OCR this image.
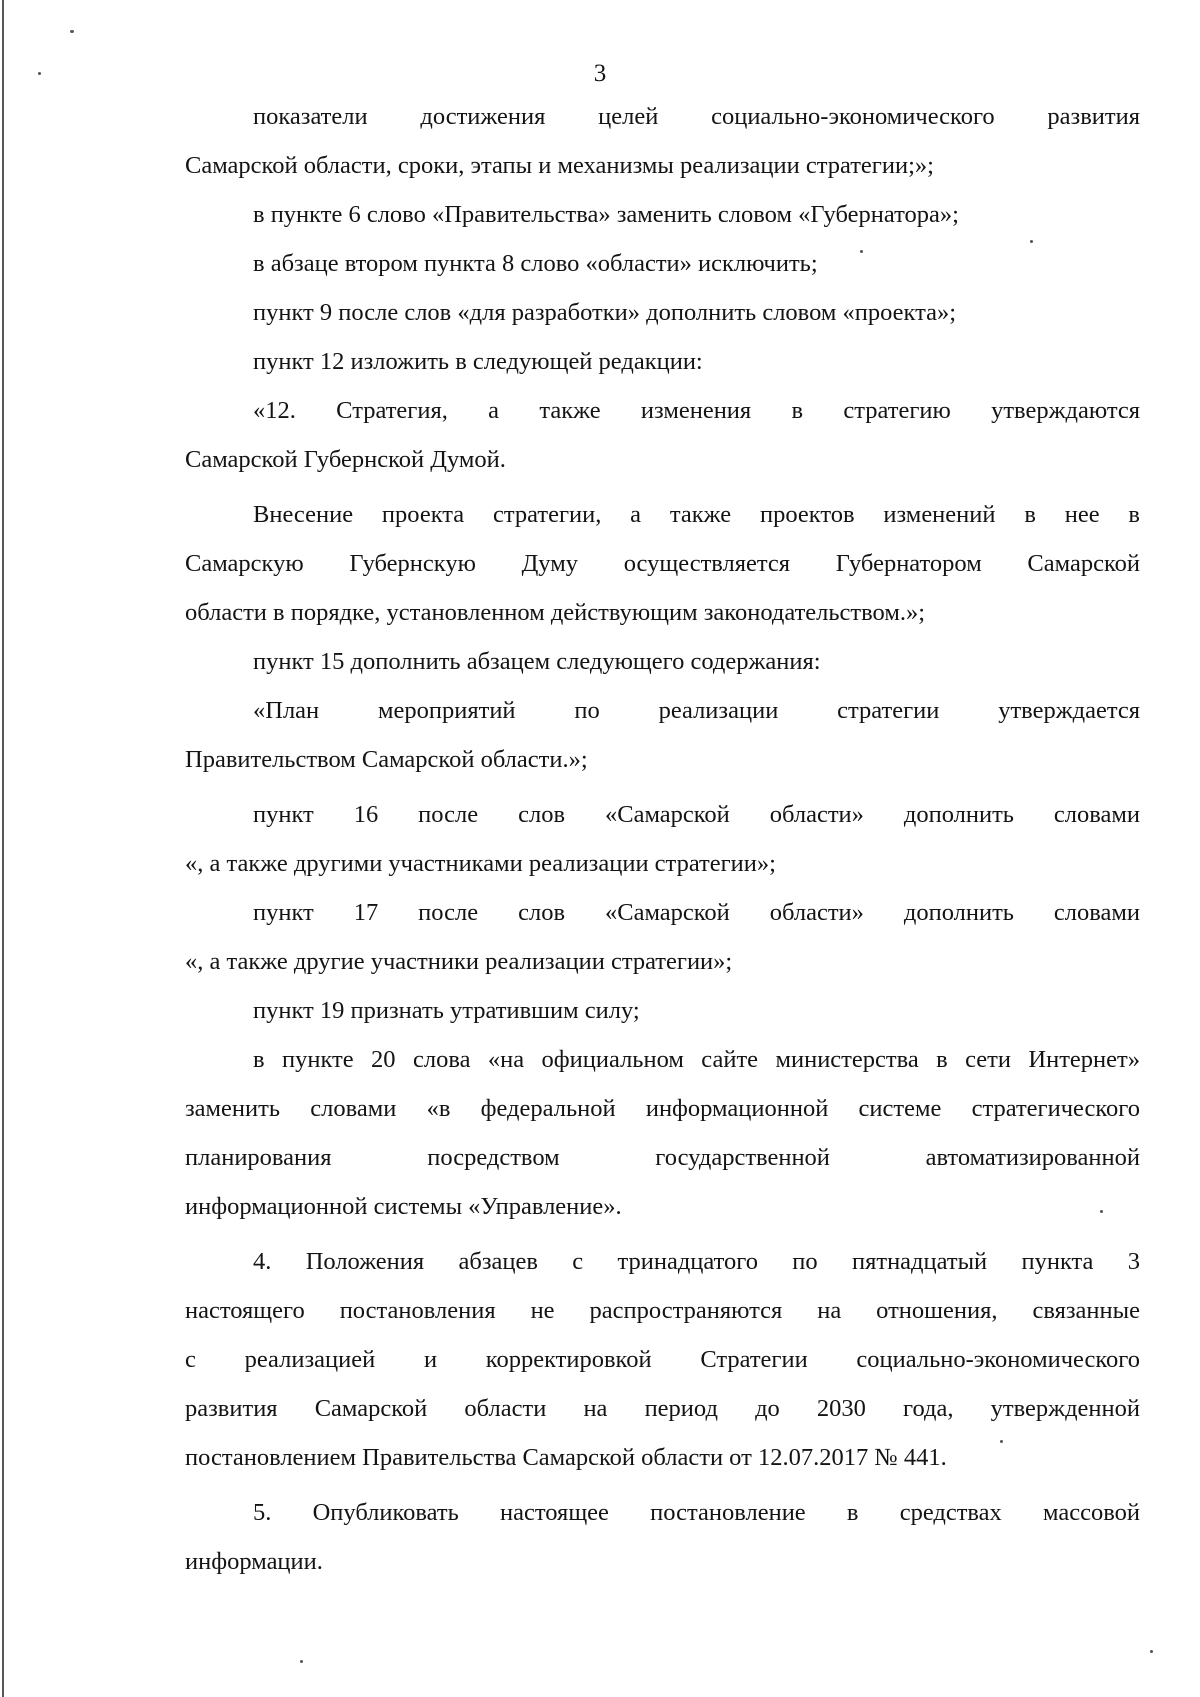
3

показатели достижения целей социально-экономического развития

Самарской области, сроки, этапы и механизмы реализации стратегии;»;

в пункте 6 слово «Правительства» заменить словом «Губернатора»;

в абзаце втором пункта 8 слово «области» исключить;

пункт 9 после слов «для разработки» дополнить словом «проекта»;

пункт 12 изложить в следующей редакции:

«12. Стратегия, а также изменения в стратегию утверждаются

Самарской Губернской Думой.

Внесение проекта стратегии, а также проектов изменений в нее в

Самарскую Губернскую Думу осуществляется Губернатором Самарской

области в порядке, установленном действующим законодательством.»;

пункт 15 дополнить абзацем следующего содержания:

«План мероприятий по реализации стратегии утверждается

Правительством Самарской области.»;

пункт 16 после слов «Самарской области» дополнить словами

«, а также другими участниками реализации стратегии»;

пункт 17 после слов «Самарской области» дополнить словами

«, а также другие участники реализации стратегии»;

пункт 19 признать утратившим силу;

в пункте 20 слова «на официальном сайте министерства в сети Интернет»

заменить словами «в федеральной информационной системе стратегического

планирования посредством государственной автоматизированной

информационной системы «Управление».

4. Положения абзацев с тринадцатого по пятнадцатый пункта 3

настоящего постановления не распространяются на отношения, связанные

с реализацией и корректировкой Стратегии социально-экономического

развития Самарской области на период до 2030 года, утвержденной

постановлением Правительства Самарской области от 12.07.2017 № 441.

5. Опубликовать настоящее постановление в средствах массовой

информации.
